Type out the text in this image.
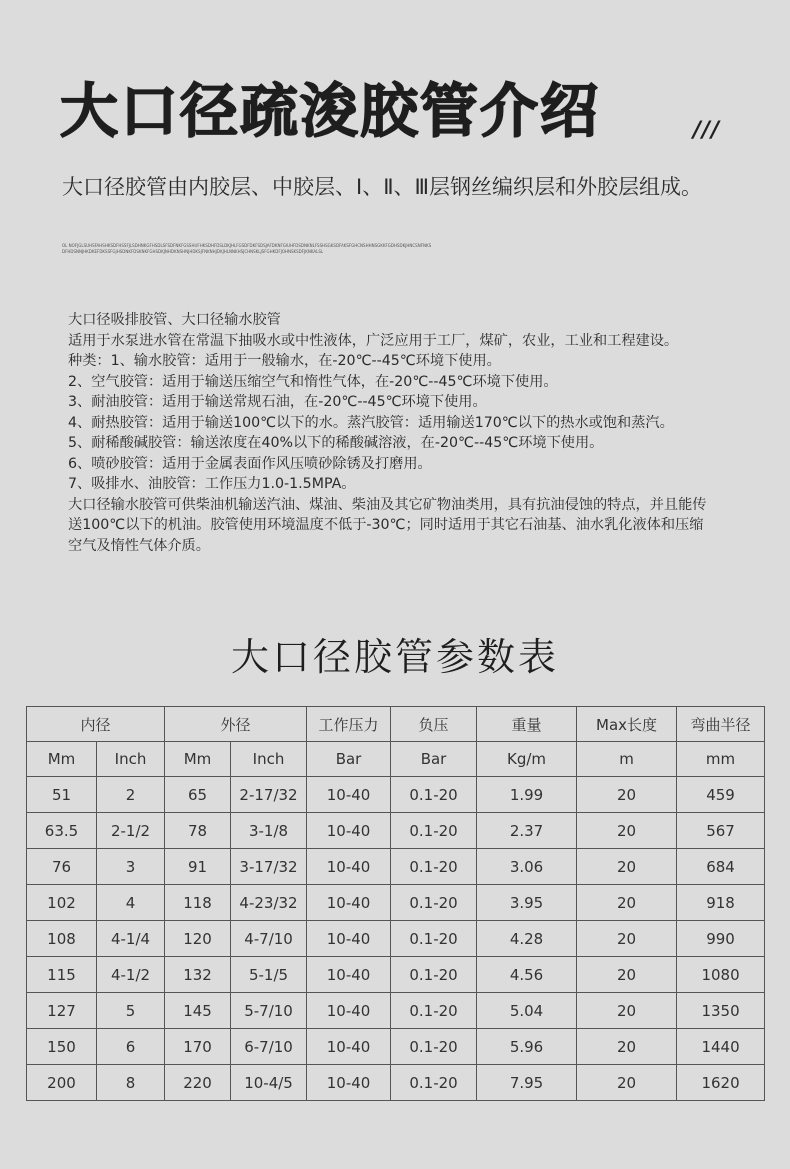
大口径疏浚胶管介绍	///

大口径胶管由内胶层、中胶层、Ⅰ、Ⅱ、Ⅲ层钢丝编织层和外胶层组成。

OL NOFJGLSUHSFAHSHKSDFHSSFJLSDHNKGFHSDLSFSDFNKFGSSHUFHKSDHFDSLDKJHLFGSDFDKFSDSJAFDKNFGIUHFDSDNKNLFSSHSGKSDFAKSFGHCNSHHNSGKKFGDHSDKJHNCSNFNKSDFHDSNNJHKDKEFDKSSFGJHSDNKFDSKNKFGHSDKJNHDKNSHNJHDKSJFNKNHJDKJHLNNKHSJCHNSKLJSFGHKDFJOHNSKSDFJKNKALSL

大口径吸排胶管、大口径输水胶管

适用于水泵进水管在常温下抽吸水或中性液体，广泛应用于工厂，煤矿，农业，工业和工程建设。

种类：1、输水胶管：适用于一般输水，在-20℃--45℃环境下使用。

2、空气胶管：适用于输送压缩空气和惰性气体，在-20℃--45℃环境下使用。

3、耐油胶管：适用于输送常规石油，在-20℃--45℃环境下使用。

4、耐热胶管：适用于输送100℃以下的水。蒸汽胶管：适用输送170℃以下的热水或饱和蒸汽。

5、耐稀酸碱胶管：输送浓度在40%以下的稀酸碱溶液，在-20℃--45℃环境下使用。

6、喷砂胶管：适用于金属表面作风压喷砂除锈及打磨用。

7、吸排水、油胶管：工作压力1.0-1.5MPA。

大口径输水胶管可供柴油机输送汽油、煤油、柴油及其它矿物油类用，具有抗油侵蚀的特点，并且能传送100℃以下的机油。胶管使用环境温度不低于-30℃；同时适用于其它石油基、油水乳化液体和压缩空气及惰性气体介质。

大口径胶管参数表
内径		外径		工作压力	负压	重量	Max长度	弯曲半径
Mm	Inch	Mm	Inch	Bar	Bar	Kg/m	m	mm
51	2	65	2-17/32	10-40	0.1-20	1.99	20	459
63.5	2-1/2	78	3-1/8	10-40	0.1-20	2.37	20	567
76	3	91	3-17/32	10-40	0.1-20	3.06	20	684
102	4	118	4-23/32	10-40	0.1-20	3.95	20	918
108	4-1/4	120	4-7/10	10-40	0.1-20	4.28	20	990
115	4-1/2	132	5-1/5	10-40	0.1-20	4.56	20	1080
127	5	145	5-7/10	10-40	0.1-20	5.04	20	1350
150	6	170	6-7/10	10-40	0.1-20	5.96	20	1440
200	8	220	10-4/5	10-40	0.1-20	7.95	20	1620
